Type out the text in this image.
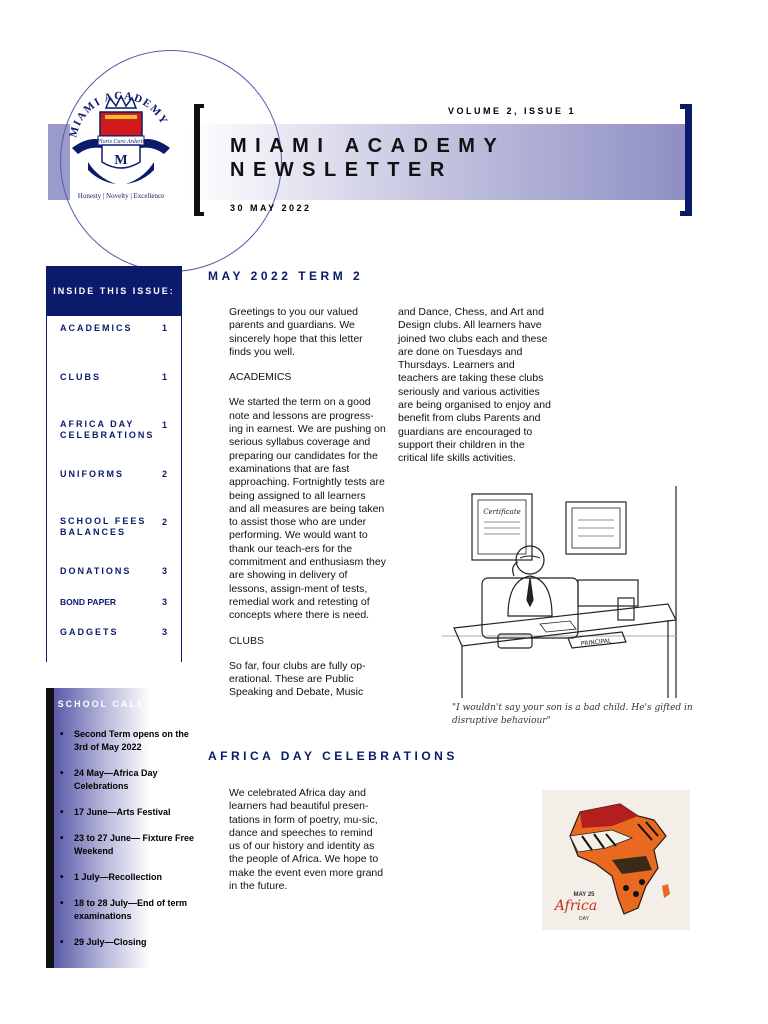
VOLUME 2, ISSUE 1
MIAMI ACADEMY
NEWSLETTER
30 MAY 2022
MIAMI ACADEMY
Ploris Curo Arderis
M
Honesty | Novelty | Excellence
INSIDE THIS ISSUE:
ACADEMICS	1
CLUBS	1
AFRICA DAY CELEBRATIONS
1
UNIFORMS	2
SCHOOL FEES BALANCES
2
DONATIONS	3
BOND PAPER	3
GADGETS	3
SCHOOL CALEDAR
• Second Term opens on the 3rd of May 2022
• 24 May—Africa Day Celebrations
• 17 June—Arts Festival
• 23 to 27 June— Fixture Free Weekend
• 1 July—Recollection
• 18 to 28 July—End of term examinations
• 29 July—Closing
MAY 2022 TERM 2

Greetings to you our valued parents and guardians. We sincerely hope that this letter finds you well.

ACADEMICS

We started the term on a good note and lessons are progress-ing in earnest. We are pushing on serious syllabus coverage and preparing our candidates for the examinations that are fast approaching. Fortnightly tests are being assigned to all learners and all measures are being taken to assist those who are under performing. We would want to thank our teach-ers for the commitment and enthusiasm they are showing in delivery of lessons, assign-ment of tests, remedial work and retesting of concepts where there is need.

CLUBS

So far, four clubs are fully op-erational. These are Public Speaking and Debate, Music

and Dance, Chess, and Art and Design clubs. All learners have joined two clubs each and these are done on Tuesdays and Thursdays. Learners and teachers are taking these clubs seriously and various activities are being organised to enjoy and benefit from clubs Parents and guardians are encouraged to support their children in the critical life skills activities.

Certificate
PRINCIPAL
"I wouldn't say your son is a bad child. He's gifted in disruptive behaviour"
AFRICA DAY CELEBRATIONS

We celebrated Africa day and learners had beautiful presen-tations in form of poetry, mu-sic, dance and speeches to remind us of our history and identity as the people of Africa. We hope to make the event even more grand in the future.

MAY 25
Africa
DAY
